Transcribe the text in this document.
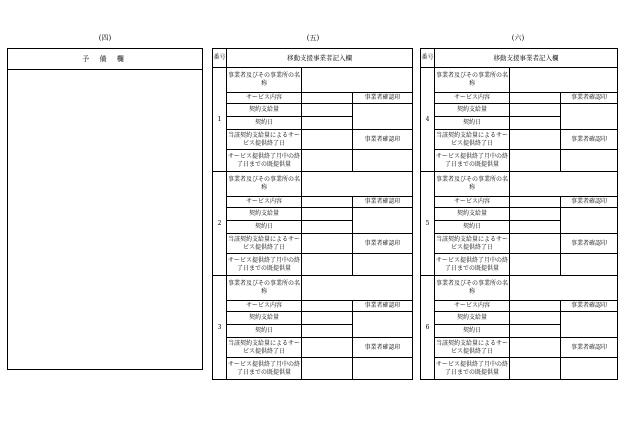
(四)	(五)	(六)
予 備 欄	番号	移動支援事業者記入欄		
1	事業者及びその事業所の名称		
	サービス内容		事業者確認印
	契約支給量		
	契約日		
	当該契約支給量によるサービス提供終了日		事業者確認印
	サービス提供終了月中の終了日までの既提供量		
2	事業者及びその事業所の名称		
	サービス内容		事業者確認印
	契約支給量		
	契約日		
	当該契約支給量によるサービス提供終了日		事業者確認印
	サービス提供終了月中の終了日までの既提供量		
3	事業者及びその事業所の名称		
	サービス内容		事業者確認印
	契約支給量		
	契約日		
	当該契約支給量によるサービス提供終了日		事業者確認印
	サービス提供終了月中の終了日までの既提供量		
番号	移動支援事業者記入欄		
4	事業者及びその事業所の名称		
	サービス内容		事業者確認印
	契約支給量		
	契約日		
	当該契約支給量によるサービス提供終了日		事業者確認印
	サービス提供終了月中の終了日までの既提供量		
5	事業者及びその事業所の名称		
	サービス内容		事業者確認印
	契約支給量		
	契約日		
	当該契約支給量によるサービス提供終了日		事業者確認印
	サービス提供終了月中の終了日までの既提供量		
6	事業者及びその事業所の名称		
	サービス内容		事業者確認印
	契約支給量		
	契約日		
	当該契約支給量によるサービス提供終了日		事業者確認印
	サービス提供終了月中の終了日までの既提供量		
